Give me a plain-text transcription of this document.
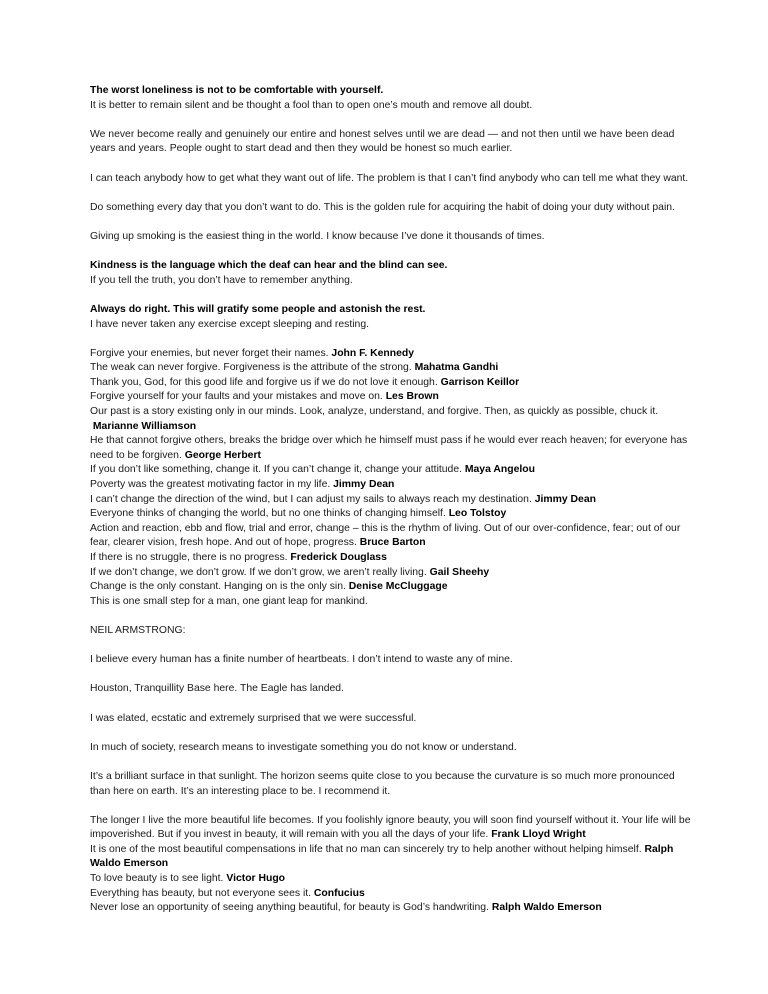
The worst loneliness is not to be comfortable with yourself.
It is better to remain silent and be thought a fool than to open one’s mouth and remove all doubt.
We never become really and genuinely our entire and honest selves until we are dead — and not then until we have been dead
years and years. People ought to start dead and then they would be honest so much earlier.
I can teach anybody how to get what they want out of life. The problem is that I can’t find anybody who can tell me what they want.
Do something every day that you don’t want to do. This is the golden rule for acquiring the habit of doing your duty without pain.
Giving up smoking is the easiest thing in the world. I know because I’ve done it thousands of times.
Kindness is the language which the deaf can hear and the blind can see.
If you tell the truth, you don’t have to remember anything.
Always do right. This will gratify some people and astonish the rest.
I have never taken any exercise except sleeping and resting.
Forgive your enemies, but never forget their names. John F. Kennedy
The weak can never forgive. Forgiveness is the attribute of the strong. Mahatma Gandhi
Thank you, God, for this good life and forgive us if we do not love it enough. Garrison Keillor
Forgive yourself for your faults and your mistakes and move on. Les Brown
Our past is a story existing only in our minds. Look, analyze, understand, and forgive. Then, as quickly as possible, chuck it.
Marianne Williamson
He that cannot forgive others, breaks the bridge over which he himself must pass if he would ever reach heaven; for everyone has
need to be forgiven. George Herbert
If you don’t like something, change it. If you can’t change it, change your attitude. Maya Angelou
Poverty was the greatest motivating factor in my life. Jimmy Dean
I can’t change the direction of the wind, but I can adjust my sails to always reach my destination. Jimmy Dean
Everyone thinks of changing the world, but no one thinks of changing himself. Leo Tolstoy
Action and reaction, ebb and flow, trial and error, change – this is the rhythm of living. Out of our over-confidence, fear; out of our
fear, clearer vision, fresh hope. And out of hope, progress. Bruce Barton
If there is no struggle, there is no progress. Frederick Douglass
If we don’t change, we don’t grow. If we don’t grow, we aren’t really living. Gail Sheehy
Change is the only constant. Hanging on is the only sin. Denise McCluggage
This is one small step for a man, one giant leap for mankind.
NEIL ARMSTRONG:
I believe every human has a finite number of heartbeats. I don’t intend to waste any of mine.
Houston, Tranquillity Base here. The Eagle has landed.
I was elated, ecstatic and extremely surprised that we were successful.
In much of society, research means to investigate something you do not know or understand.
It’s a brilliant surface in that sunlight. The horizon seems quite close to you because the curvature is so much more pronounced
than here on earth. It’s an interesting place to be. I recommend it.
The longer I live the more beautiful life becomes. If you foolishly ignore beauty, you will soon find yourself without it. Your life will be
impoverished. But if you invest in beauty, it will remain with you all the days of your life. Frank Lloyd Wright
It is one of the most beautiful compensations in life that no man can sincerely try to help another without helping himself. Ralph
Waldo Emerson
To love beauty is to see light. Victor Hugo
Everything has beauty, but not everyone sees it. Confucius
Never lose an opportunity of seeing anything beautiful, for beauty is God’s handwriting. Ralph Waldo Emerson
